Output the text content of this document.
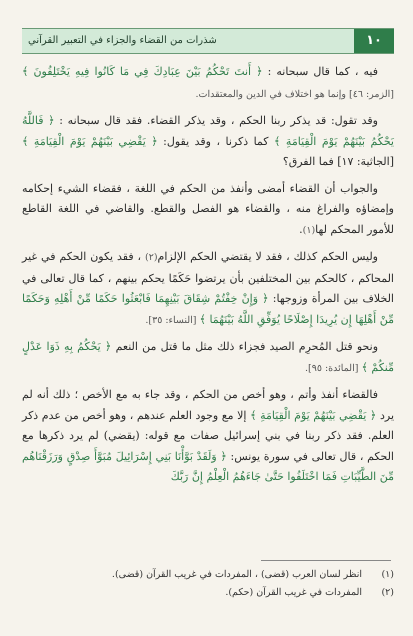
شذرات من القضاء والجزاء في التعبير القرآني	١٠

فيه ، كما قال سبحانه : ﴿ أَنتَ تَحْكُمُ بَيْنَ عِبَادِكَ فِي مَا كَانُوا فِيهِ يَخْتَلِفُونَ ﴾ [الزمر: ٤٦] وإنما هو اختلاف في الدين والمعتقدات.

وقد تقول: قد يذكر ربنا الحكم ، وقد يذكر القضاء. فقد قال سبحانه : ﴿ فَاللَّهُ يَحْكُمُ بَيْنَهُمْ يَوْمَ الْقِيَامَةِ ﴾ كما ذكرنا ، وقد يقول: ﴿ يَقْضِي بَيْنَهُمْ يَوْمَ الْقِيَامَةِ ﴾ [الجاثية: ١٧] فما الفرق؟

والجواب أن القضاء أمضى وأنفذ من الحكم في اللغة ، فقضاء الشيء إحكامه وإمضاؤه والفراغ منه ، والقضاء هو الفصل والقطع. والقاضي في اللغة القاطع للأمور المحكم لها(١).

وليس الحكم كذلك ، فقد لا يقتضي الحكم الإلزام(٢) ، فقد يكون الحكم في غير المحاكم ، كالحكم بين المختلفين بأن يرتضوا حَكَمًا يحكم بينهم ، كما قال تعالى في الخلاف بين المرأة وزوجها: ﴿ وَإِنْ خِفْتُمْ شِقَاقَ بَيْنِهِمَا فَابْعَثُوا حَكَمًا مِّنْ أَهْلِهِ وَحَكَمًا مِّنْ أَهْلِهَا إِن يُرِيدَا إِصْلَاحًا يُوَفِّقِ اللَّهُ بَيْنَهُمَا ﴾ [النساء: ٣٥].

ونحو قتل المُحرِم الصيد فجزاء ذلك مثل ما قتل من النعم ﴿ يَحْكُمُ بِهِ ذَوَا عَدْلٍ مِّنكُمْ ﴾ [المائدة: ٩٥].

فالقضاء أنفذ وأتم ، وهو أخص من الحكم ، وقد جاء به مع الأخص ؛ ذلك أنه لم يرد ﴿ يَقْضِي بَيْنَهُمْ يَوْمَ الْقِيَامَةِ ﴾ إلا مع وجود العلم عندهم ، وهو أخص من عدم ذكر العلم. فقد ذكر ربنا في بني إسرائيل صفات مع قوله: (يقضي) لم يرد ذكرها مع الحكم ، قال تعالى في سورة يونس: ﴿ وَلَقَدْ بَوَّأْنَا بَنِي إِسْرَائِيلَ مُبَوَّأَ صِدْقٍ وَرَزَقْنَاهُم مِّنَ الطَّيِّبَاتِ فَمَا اخْتَلَفُوا حَتَّىٰ جَاءَهُمُ الْعِلْمُ إِنَّ رَبَّكَ

(١)
انظر لسان العرب (قضى) ، المفردات في غريب القرآن (قضى).
(٢)
المفردات في غريب القرآن (حكم).
